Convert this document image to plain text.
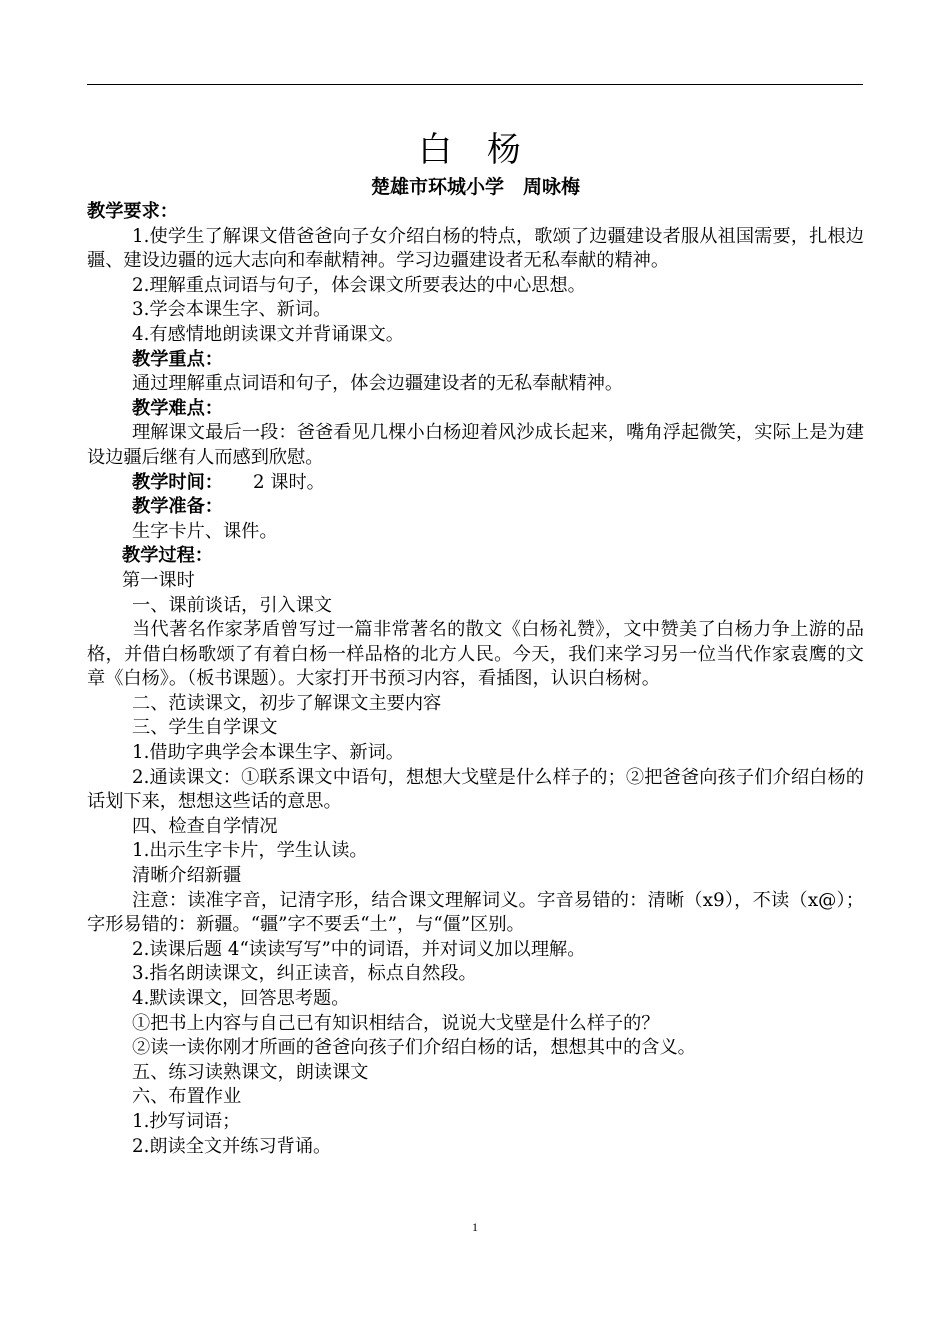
白 杨
楚雄市环城小学　周咏梅
教学要求：
1.使学生了解课文借爸爸向子女介绍白杨的特点，歌颂了边疆建设者服从祖国需要，扎根边疆、建设边疆的远大志向和奉献精神。学习边疆建设者无私奉献的精神。
2.理解重点词语与句子，体会课文所要表达的中心思想。
3.学会本课生字、新词。
4.有感情地朗读课文并背诵课文。
教学重点：
通过理解重点词语和句子，体会边疆建设者的无私奉献精神。
教学难点：
理解课文最后一段：爸爸看见几棵小白杨迎着风沙成长起来，嘴角浮起微笑，实际上是为建设边疆后继有人而感到欣慰。
教学时间： 2 课时。
教学准备：
生字卡片、课件。
教学过程：
第一课时
一、课前谈话，引入课文
当代著名作家茅盾曾写过一篇非常著名的散文《白杨礼赞》，文中赞美了白杨力争上游的品格，并借白杨歌颂了有着白杨一样品格的北方人民。今天，我们来学习另一位当代作家袁鹰的文章《白杨》。（板书课题）。大家打开书预习内容，看插图，认识白杨树。
二、范读课文，初步了解课文主要内容
三、学生自学课文
1.借助字典学会本课生字、新词。
2.通读课文：①联系课文中语句，想想大戈壁是什么样子的；②把爸爸向孩子们介绍白杨的话划下来，想想这些话的意思。
四、检查自学情况
1.出示生字卡片，学生认读。
清晰介绍新疆
注意：读准字音，记清字形，结合课文理解词义。字音易错的：清晰（x9），不读（x@）；字形易错的：新疆。“疆”字不要丢“土”，与“僵”区别。
2.读课后题 4“读读写写”中的词语，并对词义加以理解。
3.指名朗读课文，纠正读音，标点自然段。
4.默读课文，回答思考题。
①把书上内容与自己已有知识相结合，说说大戈壁是什么样子的？
②读一读你刚才所画的爸爸向孩子们介绍白杨的话，想想其中的含义。
五、练习读熟课文，朗读课文
六、布置作业
1.抄写词语；
2.朗读全文并练习背诵。
1
